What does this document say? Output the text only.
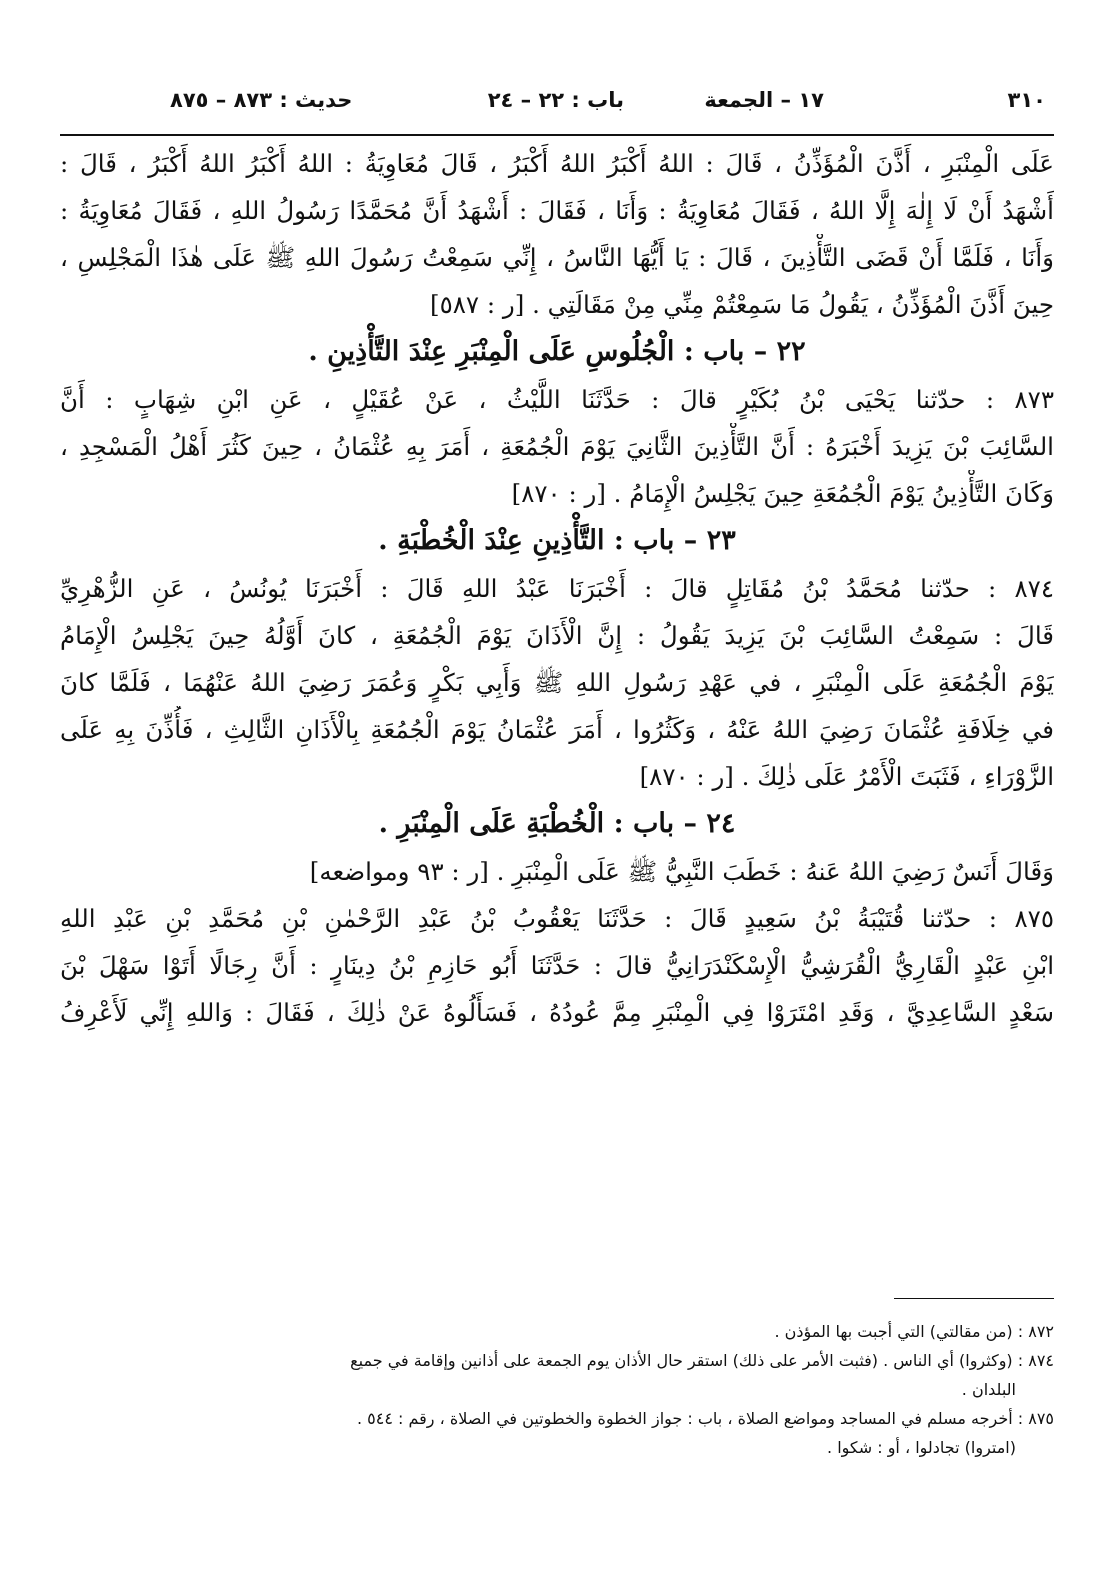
٣١٠
١٧ – الجمعة
باب : ٢٢ – ٢٤
حديث : ٨٧٣ – ٨٧٥
عَلَى الْمِنْبَرِ ، أَذَّنَ الْمُؤَذِّنُ ، قَالَ : اللهُ أَكْبَرُ اللهُ أَكْبَرُ ، قَالَ مُعَاوِيَةُ : اللهُ أَكْبَرُ اللهُ أَكْبَرُ ، قَالَ :
أَشْهَدُ أَنْ لَا إِلٰهَ إِلَّا اللهُ ، فَقَالَ مُعَاوِيَةُ : وَأَنَا ، فَقَالَ : أَشْهَدُ أَنَّ مُحَمَّدًا رَسُولُ اللهِ ، فَقَالَ مُعَاوِيَةُ :
وَأَنَا ، فَلَمَّا أَنْ قَضَى التَّأْذِينَ ، قَالَ : يَا أَيُّهَا النَّاسُ ، إِنِّي سَمِعْتُ رَسُولَ اللهِ ﷺ عَلَى هٰذَا الْمَجْلِسِ ،
حِينَ أَذَّنَ الْمُؤَذِّنُ ، يَقُولُ مَا سَمِعْتُمْ مِنِّي مِنْ مَقَالَتِي . [ر : ٥٨٧]
٢٢ – باب : الْجُلُوسِ عَلَى الْمِنْبَرِ عِنْدَ التَّأْذِينِ .
٨٧٣ : حدّثنا يَحْيَى بْنُ بُكَيْرٍ قالَ : حَدَّثَنَا اللَّيْثُ ، عَنْ عُقَيْلٍ ، عَنِ ابْنِ شِهَابٍ : أَنَّ
السَّائِبَ بْنَ يَزِيدَ أَخْبَرَهُ : أَنَّ التَّأْذِينَ الثَّانِيَ يَوْمَ الْجُمُعَةِ ، أَمَرَ بِهِ عُثْمَانُ ، حِينَ كَثُرَ أَهْلُ الْمَسْجِدِ ،
وَكَانَ التَّأْذِينُ يَوْمَ الْجُمُعَةِ حِينَ يَجْلِسُ الْإِمَامُ . [ر : ٨٧٠]
٢٣ – باب : التَّأْذِينِ عِنْدَ الْخُطْبَةِ .
٨٧٤ : حدّثنا مُحَمَّدُ بْنُ مُقَاتِلٍ قالَ : أَخْبَرَنَا عَبْدُ اللهِ قَالَ : أَخْبَرَنَا يُونُسُ ، عَنِ الزُّهْرِيِّ
قَالَ : سَمِعْتُ السَّائِبَ بْنَ يَزِيدَ يَقُولُ : إِنَّ الْأَذَانَ يَوْمَ الْجُمُعَةِ ، كانَ أَوَّلُهُ حِينَ يَجْلِسُ الْإِمَامُ
يَوْمَ الْجُمُعَةِ عَلَى الْمِنْبَرِ ، في عَهْدِ رَسُولِ اللهِ ﷺ وَأَبِي بَكْرٍ وَعُمَرَ رَضِيَ اللهُ عَنْهُمَا ، فَلَمَّا كانَ
في خِلَافَةِ عُثْمَانَ رَضِيَ اللهُ عَنْهُ ، وَكَثُرُوا ، أَمَرَ عُثْمَانُ يَوْمَ الْجُمُعَةِ بِالْأَذَانِ الثَّالِثِ ، فَأُذِّنَ بِهِ عَلَى
الزَّوْرَاءِ ، فَثَبَتَ الْأَمْرُ عَلَى ذٰلِكَ . [ر : ٨٧٠]
٢٤ – باب : الْخُطْبَةِ عَلَى الْمِنْبَرِ .
وَقَالَ أَنَسٌ رَضِيَ اللهُ عَنهُ : خَطَبَ النَّبِيُّ ﷺ عَلَى الْمِنْبَرِ . [ر : ٩٣ ومواضعه]
٨٧٥ : حدّثنا قُتَيْبَةُ بْنُ سَعِيدٍ قَالَ : حَدَّثَنَا يَعْقُوبُ بْنُ عَبْدِ الرَّحْمٰنِ بْنِ مُحَمَّدِ بْنِ عَبْدِ اللهِ
ابْنِ عَبْدٍ الْقَارِيُّ الْقُرَشِيُّ الْإِسْكَنْدَرَانِيُّ قالَ : حَدَّثَنَا أَبُو حَازِمِ بْنُ دِينَارٍ : أَنَّ رِجَالًا أَتَوْا سَهْلَ بْنَ
سَعْدٍ السَّاعِدِيَّ ، وَقَدِ امْتَرَوْا فِي الْمِنْبَرِ مِمَّ عُودُهُ ، فَسَأَلُوهُ عَنْ ذٰلِكَ ، فَقَالَ : وَاللهِ إِنِّي لَأَعْرِفُ
٨٧٢ : (من مقالتي) التي أجبت بها المؤذن .
٨٧٤ : (وكثروا) أي الناس . (فثبت الأمر على ذلك) استقر حال الأذان يوم الجمعة على أذانين وإقامة في جميع
البلدان .
٨٧٥ : أخرجه مسلم في المساجد ومواضع الصلاة ، باب : جواز الخطوة والخطوتين في الصلاة ، رقم : ٥٤٤ .
(امتروا) تجادلوا ، أو : شكوا .
